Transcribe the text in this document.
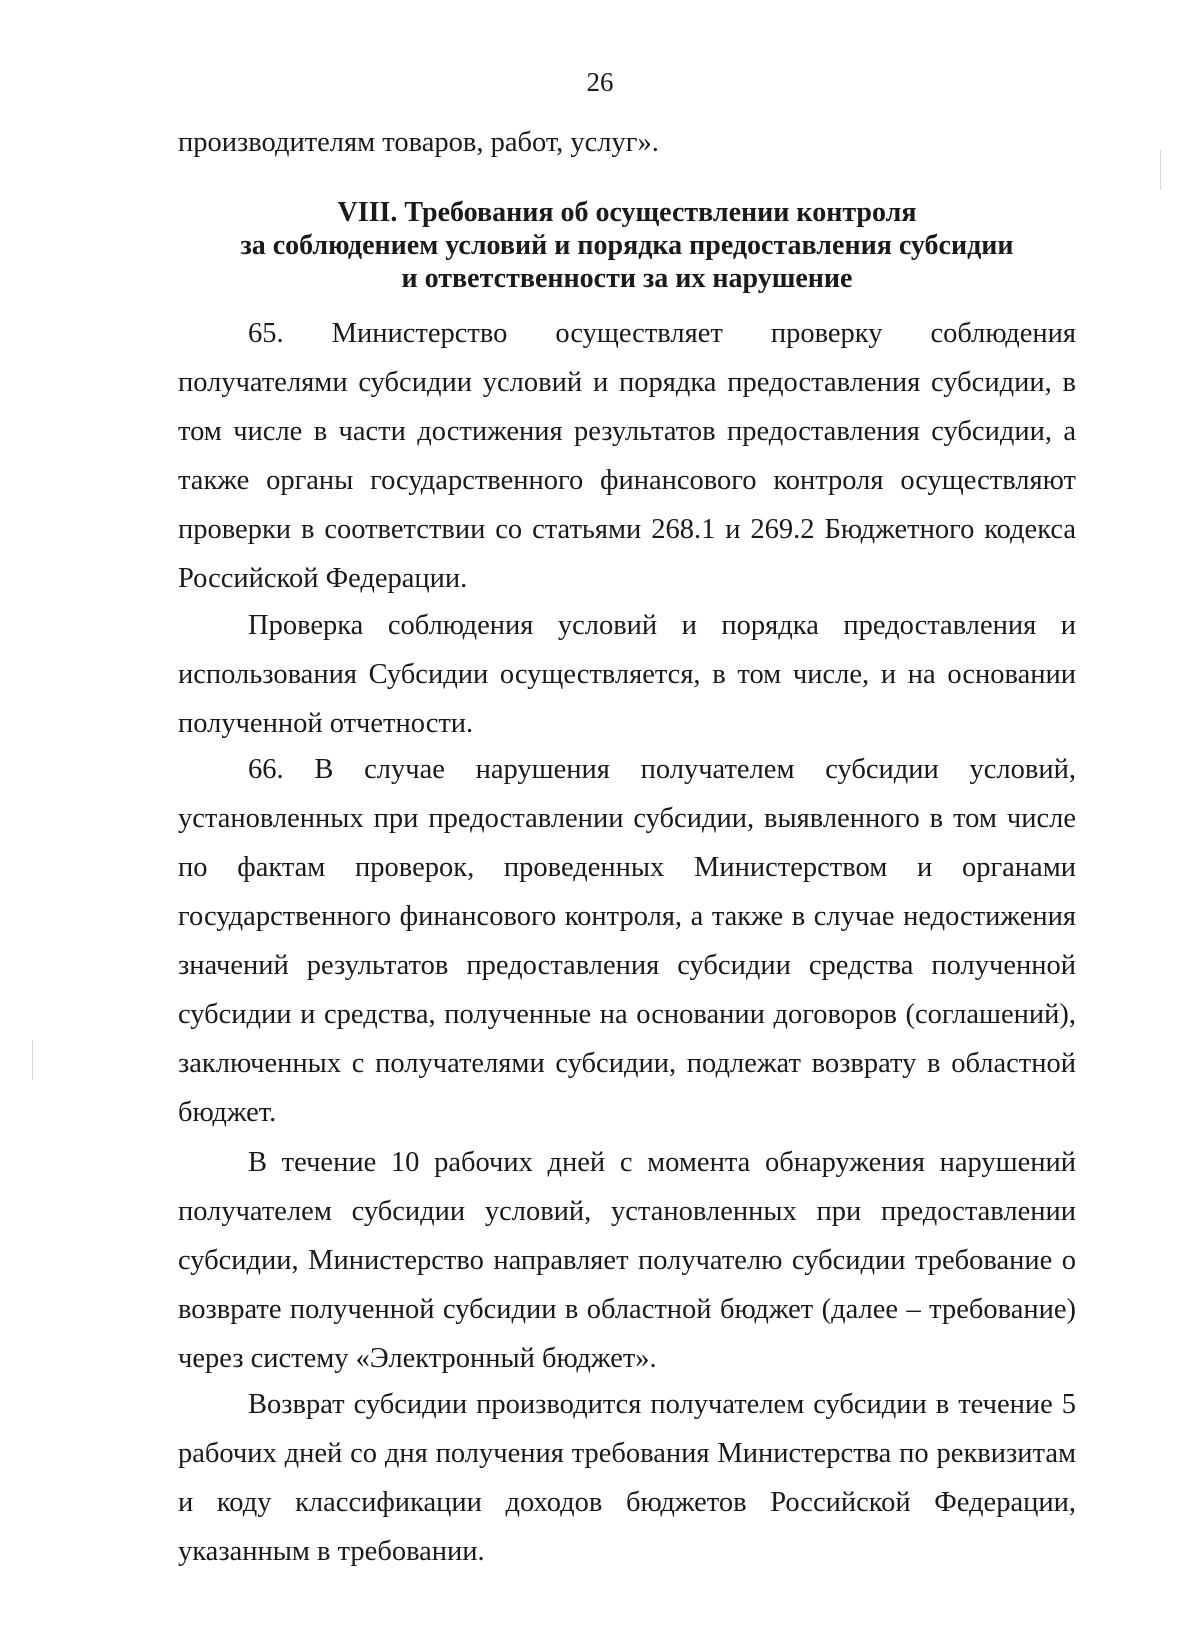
26
производителям товаров, работ, услуг».
VIII. Требования об осуществлении контроля
за соблюдением условий и порядка предоставления субсидии
и ответственности за их нарушение

65. Министерство осуществляет проверку соблюдения получателями субсидии условий и порядка предоставления субсидии, в том числе в части достижения результатов предоставления субсидии, а также органы государственного финансового контроля осуществляют проверки в соответствии со статьями 268.1 и 269.2 Бюджетного кодекса Российской Федерации.

Проверка соблюдения условий и порядка предоставления и использования Субсидии осуществляется, в том числе, и на основании полученной отчетности.

66. В случае нарушения получателем субсидии условий, установленных при предоставлении субсидии, выявленного в том числе по фактам проверок, проведенных Министерством и органами государственного финансового контроля, а также в случае недостижения значений результатов предоставления субсидии средства полученной субсидии и средства, полученные на основании договоров (соглашений), заключенных с получателями субсидии, подлежат возврату в областной бюджет.

В течение 10 рабочих дней с момента обнаружения нарушений получателем субсидии условий, установленных при предоставлении субсидии, Министерство направляет получателю субсидии требование о возврате полученной субсидии в областной бюджет (далее – требование) через систему «Электронный бюджет».

Возврат субсидии производится получателем субсидии в течение 5 рабочих дней со дня получения требования Министерства по реквизитам и коду классификации доходов бюджетов Российской Федерации, указанным в требовании.
